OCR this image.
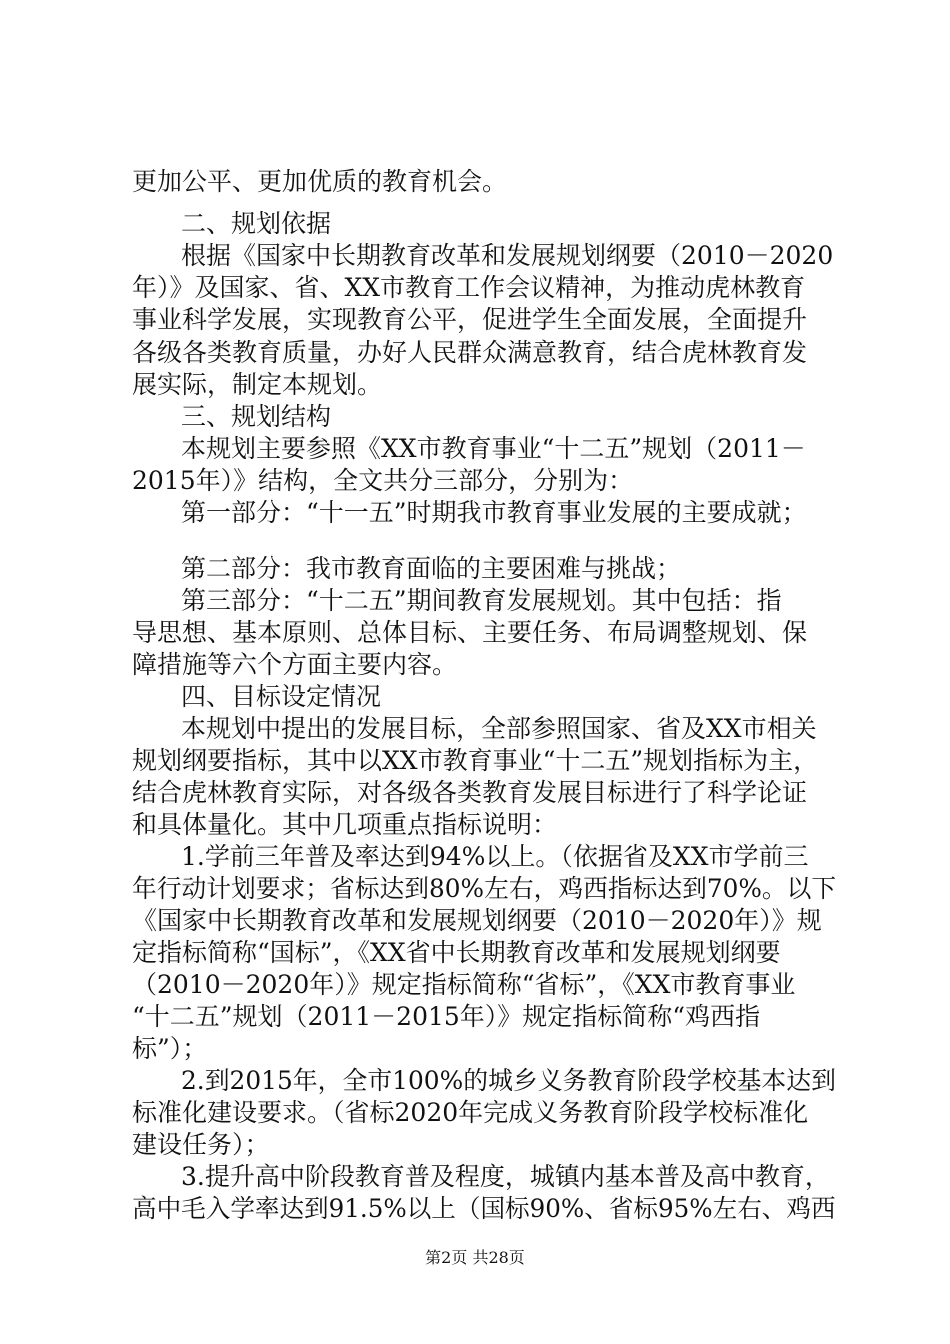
更加公平、更加优质的教育机会。
二、规划依据
根据《国家中长期教育改革和发展规划纲要（2010－2020
年）》及国家、省、XX市教育工作会议精神，为推动虎林教育
事业科学发展，实现教育公平，促进学生全面发展，全面提升
各级各类教育质量，办好人民群众满意教育，结合虎林教育发
展实际，制定本规划。
三、规划结构
本规划主要参照《XX市教育事业“十二五”规划（2011－
2015年）》结构，全文共分三部分，分别为：
第一部分：“十一五”时期我市教育事业发展的主要成就；
第二部分：我市教育面临的主要困难与挑战；
第三部分：“十二五”期间教育发展规划。其中包括：指
导思想、基本原则、总体目标、主要任务、布局调整规划、保
障措施等六个方面主要内容。
四、目标设定情况
本规划中提出的发展目标，全部参照国家、省及XX市相关
规划纲要指标，其中以XX市教育事业“十二五”规划指标为主，
结合虎林教育实际，对各级各类教育发展目标进行了科学论证
和具体量化。其中几项重点指标说明：
1.学前三年普及率达到94%以上。（依据省及XX市学前三
年行动计划要求；省标达到80%左右，鸡西指标达到70%。以下
《国家中长期教育改革和发展规划纲要（2010－2020年）》规
定指标简称“国标”，《XX省中长期教育改革和发展规划纲要
（2010－2020年）》规定指标简称“省标”，《XX市教育事业
“十二五”规划（2011－2015年）》规定指标简称“鸡西指
标”）；
2.到2015年，全市100%的城乡义务教育阶段学校基本达到
标准化建设要求。（省标2020年完成义务教育阶段学校标准化
建设任务）；
3.提升高中阶段教育普及程度，城镇内基本普及高中教育，
高中毛入学率达到91.5%以上（国标90%、省标95%左右、鸡西
第2页 共28页
